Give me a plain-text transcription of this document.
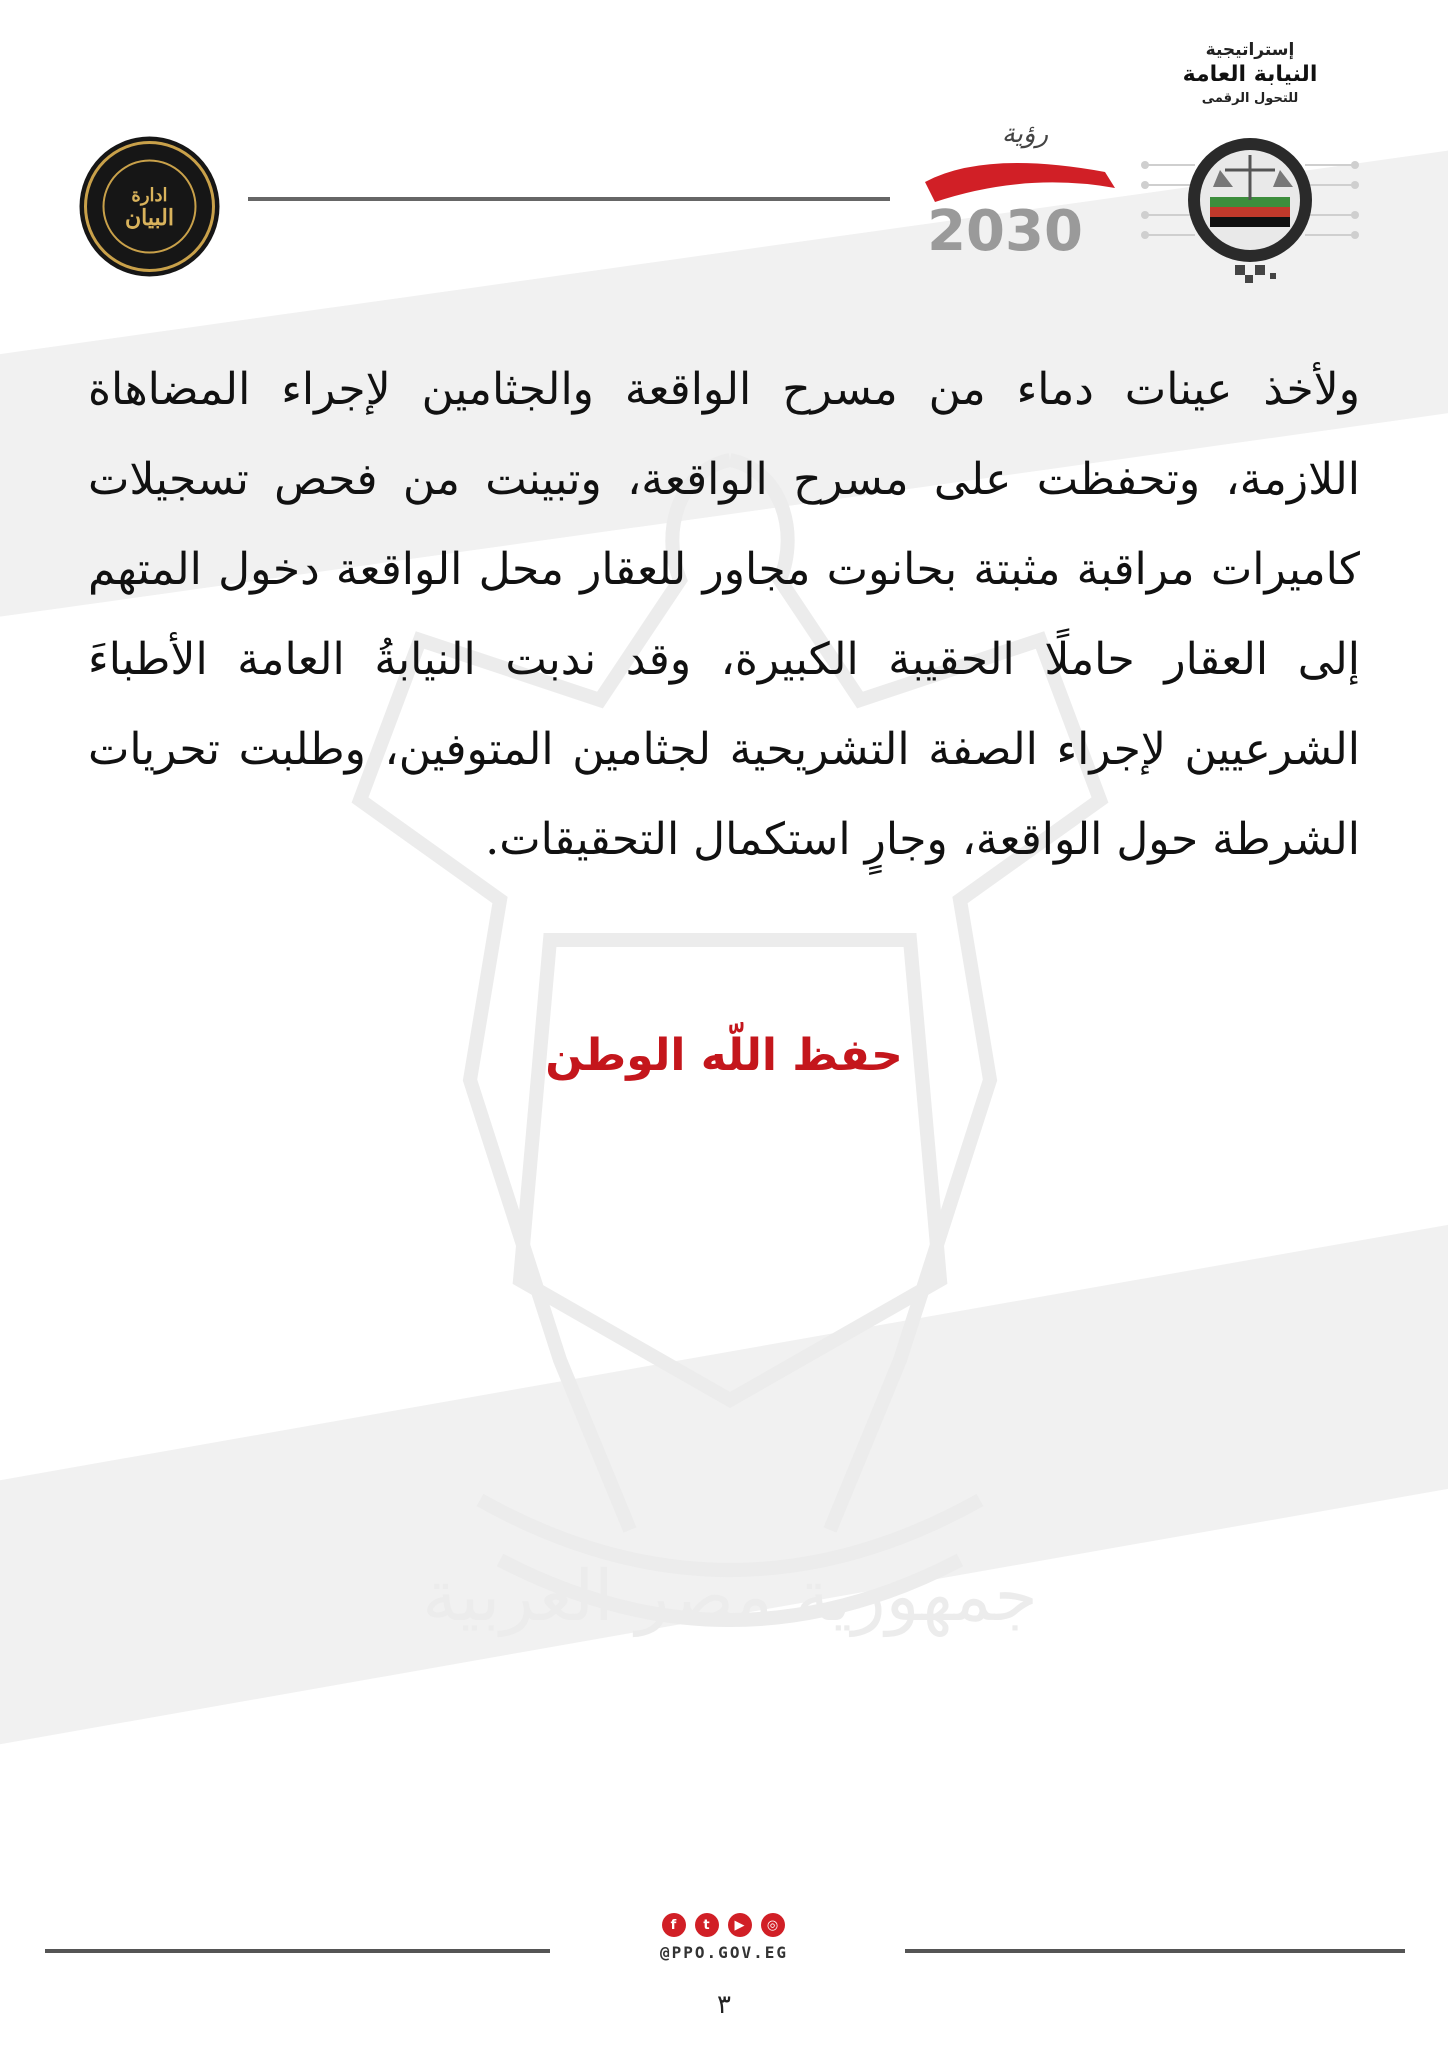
جمهورية مصر العربية
ادارة
البيان
رؤية
2030
إستراتيجية
النيابة العامة
للتحول الرقمى
ولأخذ عينات دماء من مسرح الواقعة والجثامين لإجراء المضاهاة اللازمة، وتحفظت على مسرح الواقعة، وتبينت من فحص تسجيلات كاميرات مراقبة مثبتة بحانوت مجاور للعقار محل الواقعة دخول المتهم إلى العقار حاملًا الحقيبة الكبيرة، وقد ندبت النيابةُ العامة الأطباءَ الشرعيين لإجراء الصفة التشريحية لجثامين المتوفين، وطلبت تحريات الشرطة حول الواقعة، وجارٍ استكمال التحقيقات.
حفظ اللّه الوطن
f	t	▶	◎
@PPO.GOV.EG
٣
